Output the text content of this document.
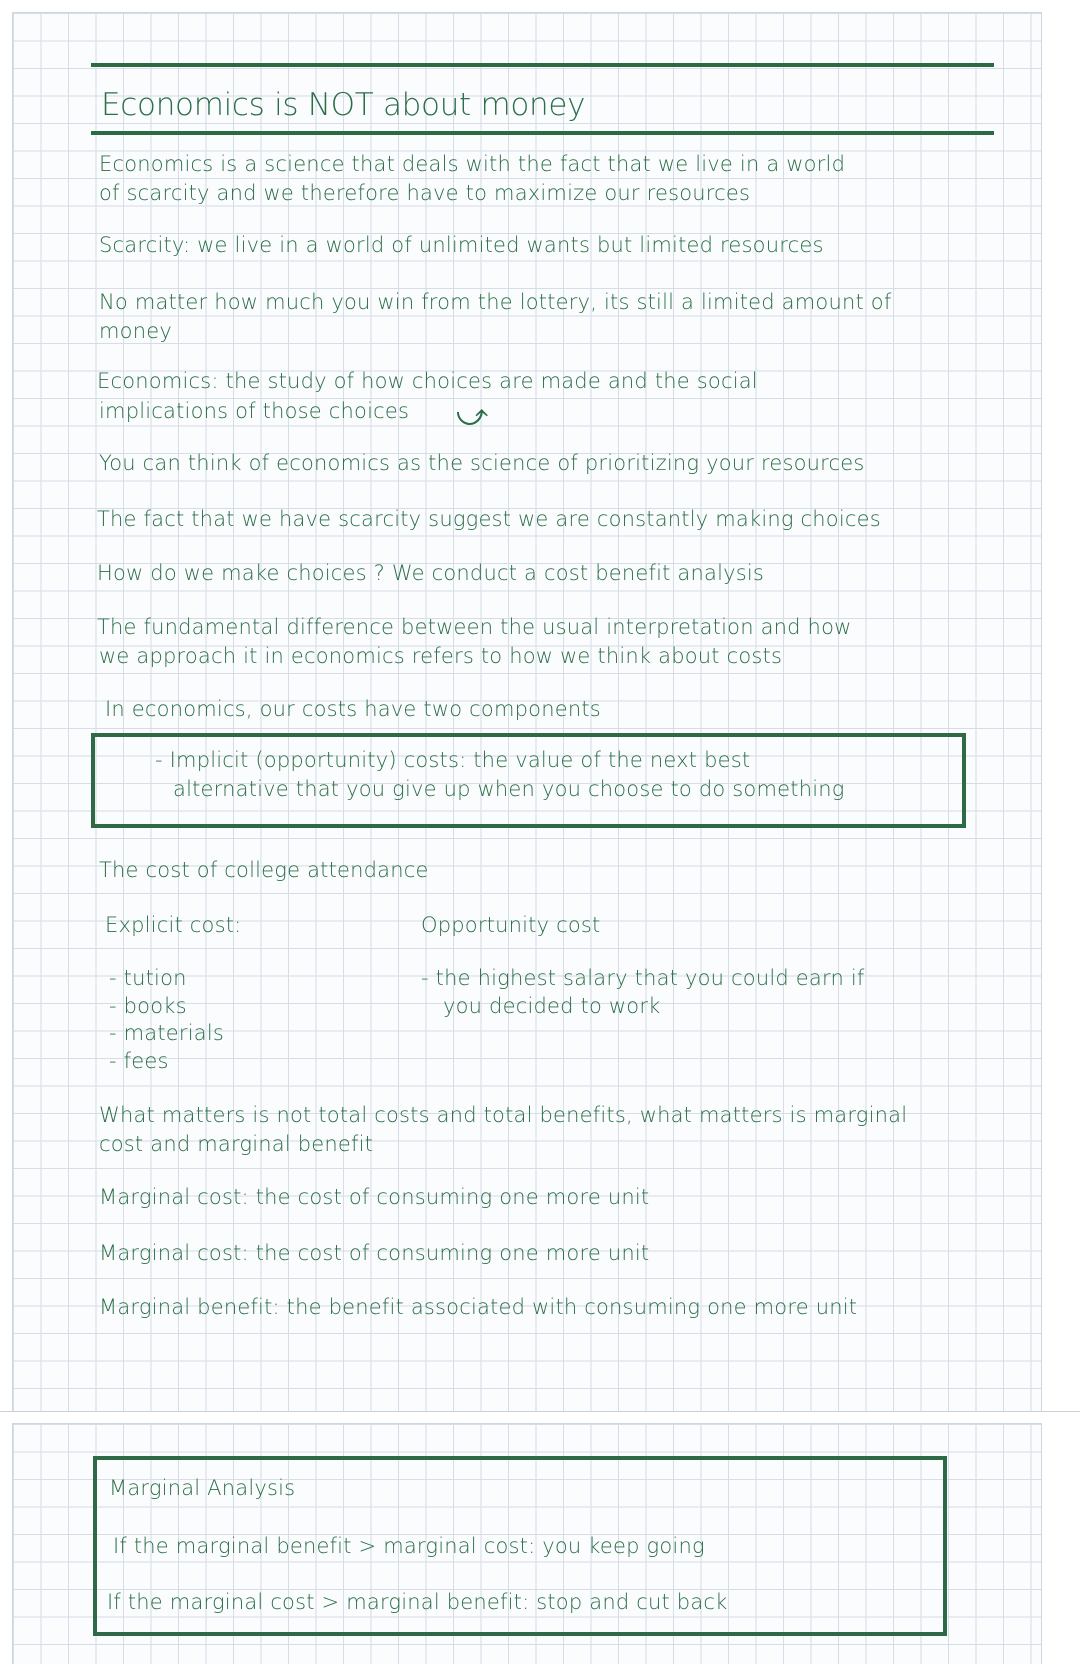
Economics is NOT about money

Economics is a science that deals with the fact that we live in a world

of scarcity and we therefore have to maximize our resources

Scarcity: we live in a world of unlimited wants but limited resources

No matter how much you win from the lottery, its still a limited amount of

money

Economics: the study of how choices are made and the social

implications of those choices ⤻

You can think of economics as the science of prioritizing your resources

The fact that we have scarcity suggest we are constantly making choices

How do we make choices ? We conduct a cost benefit analysis

The fundamental difference between the usual interpretation and how

we approach it in economics refers to how we think about costs

In economics, our costs have two components

- Implicit (opportunity) costs: the value of the next best

alternative that you give up when you choose to do something

The cost of college attendance

Explicit cost:

- tution

- books

- materials

- fees

Opportunity cost

- the highest salary that you could earn if

you decided to work

What matters is not total costs and total benefits, what matters is marginal

cost and marginal benefit

Marginal cost: the cost of consuming one more unit

Marginal cost: the cost of consuming one more unit

Marginal benefit: the benefit associated with consuming one more unit

Marginal Analysis

If the marginal benefit > marginal cost: you keep going

If the marginal cost > marginal benefit: stop and cut back
